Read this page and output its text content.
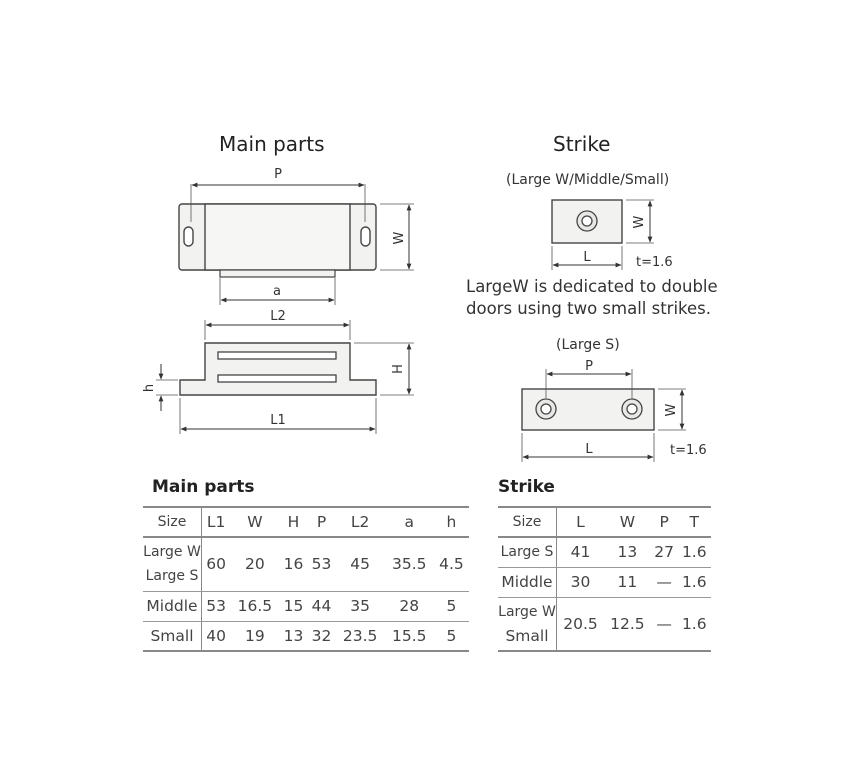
Main parts	Strike
(Large W/Middle/Small)
(Large S)
LargeW is dedicated to double
doors using two small strikes.
P
W
a
L2
H
h
L1
W
L	t=1.6
P
W
L	t=1.6
Main parts
Size	L1	W	H	P	L2	a	h

Large W
Large S	60	20	16	53	45	35.5	4.5
Middle	53	16.5	15	44	35	28	5
Small	40	19	13	32	23.5	15.5	5
Strike
Size	L	W	P	T
Large S	41	13	27	1.6
Middle	30	11	—	1.6

Large W
Small	20.5	12.5	—	1.6
